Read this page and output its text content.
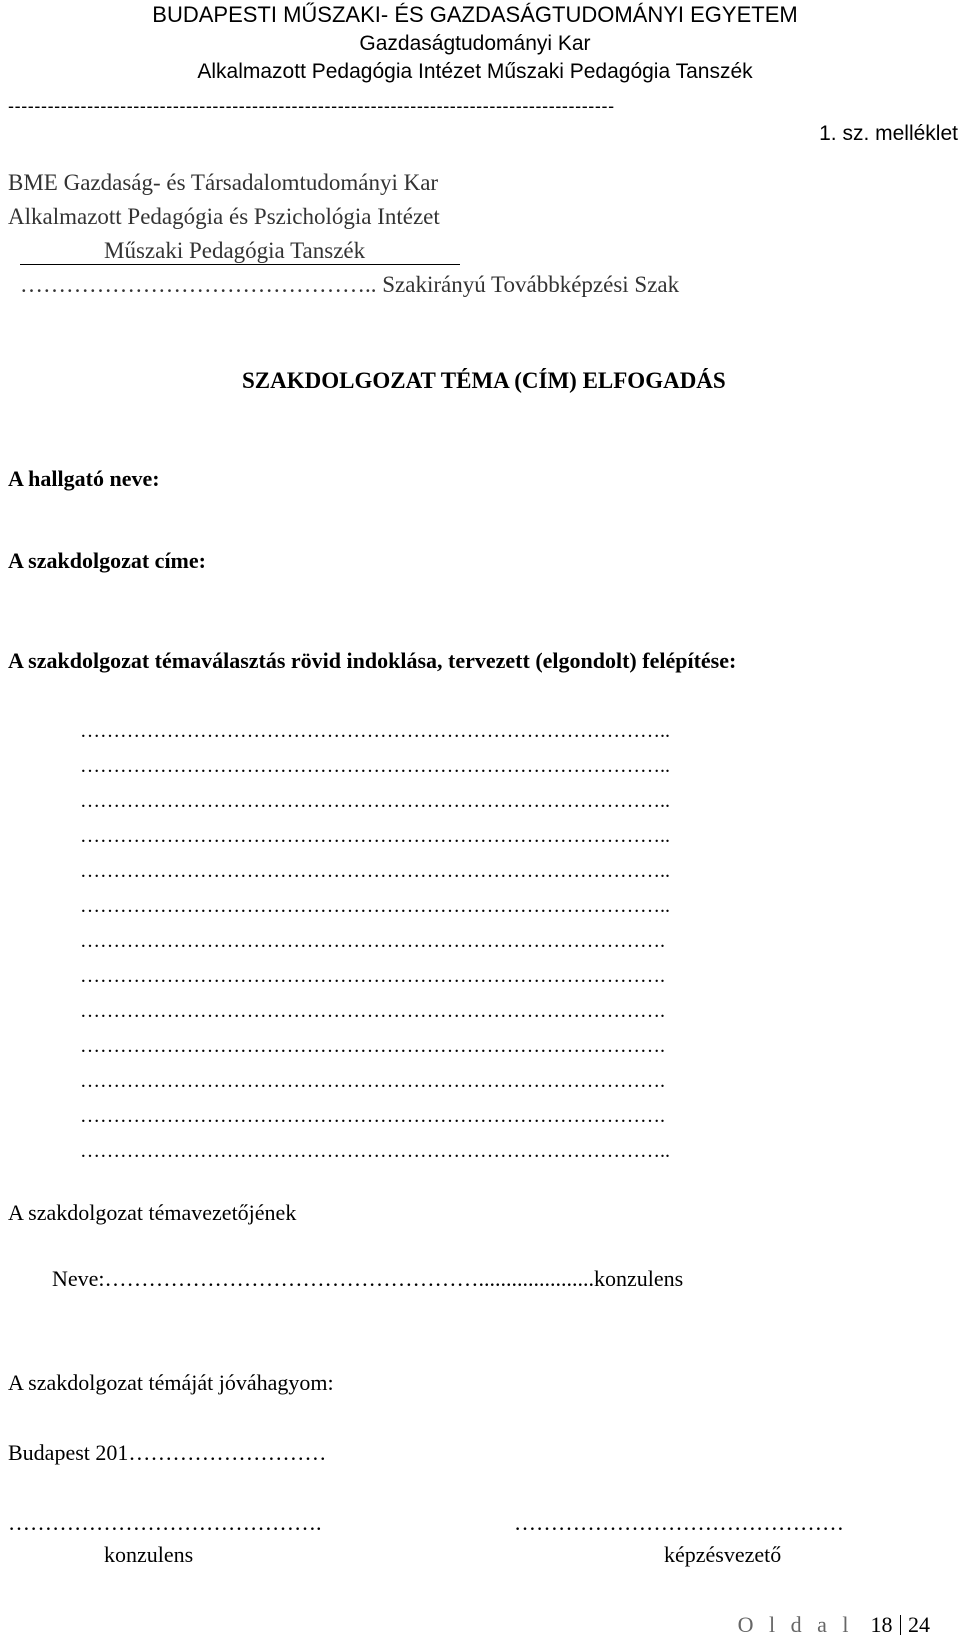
BUDAPESTI MŰSZAKI- ÉS GAZDASÁGTUDOMÁNYI EGYETEM
Gazdaságtudományi Kar
Alkalmazott Pedagógia Intézet Műszaki Pedagógia Tanszék
--------------------------------------------------------------------------------------------
1. sz. melléklet
BME Gazdaság- és Társadalomtudományi Kar
Alkalmazott Pedagógia és Pszichológia Intézet
Műszaki Pedagógia Tanszék
……………………………………….. Szakirányú Továbbképzési Szak
SZAKDOLGOZAT TÉMA (CÍM) ELFOGADÁS
A hallgató neve:
A szakdolgozat címe:
A szakdolgozat témaválasztás rövid indoklása, tervezett (elgondolt) felépítése:
……………………………………………………………………………..
……………………………………………………………………………..
……………………………………………………………………………..
……………………………………………………………………………..
……………………………………………………………………………..
……………………………………………………………………………..
…………………………………………………………………………….
…………………………………………………………………………….
…………………………………………………………………………….
…………………………………………………………………………….
…………………………………………………………………………….
…………………………………………………………………………….
……………………………………………………………………………..
A szakdolgozat témavezetőjének
Neve:…………………………………………….....................konzulens
A szakdolgozat témáját jóváhagyom:
Budapest 201………………………
…………………………………….
konzulens
………………………………………
képzésvezető
O l d a l 18 24
